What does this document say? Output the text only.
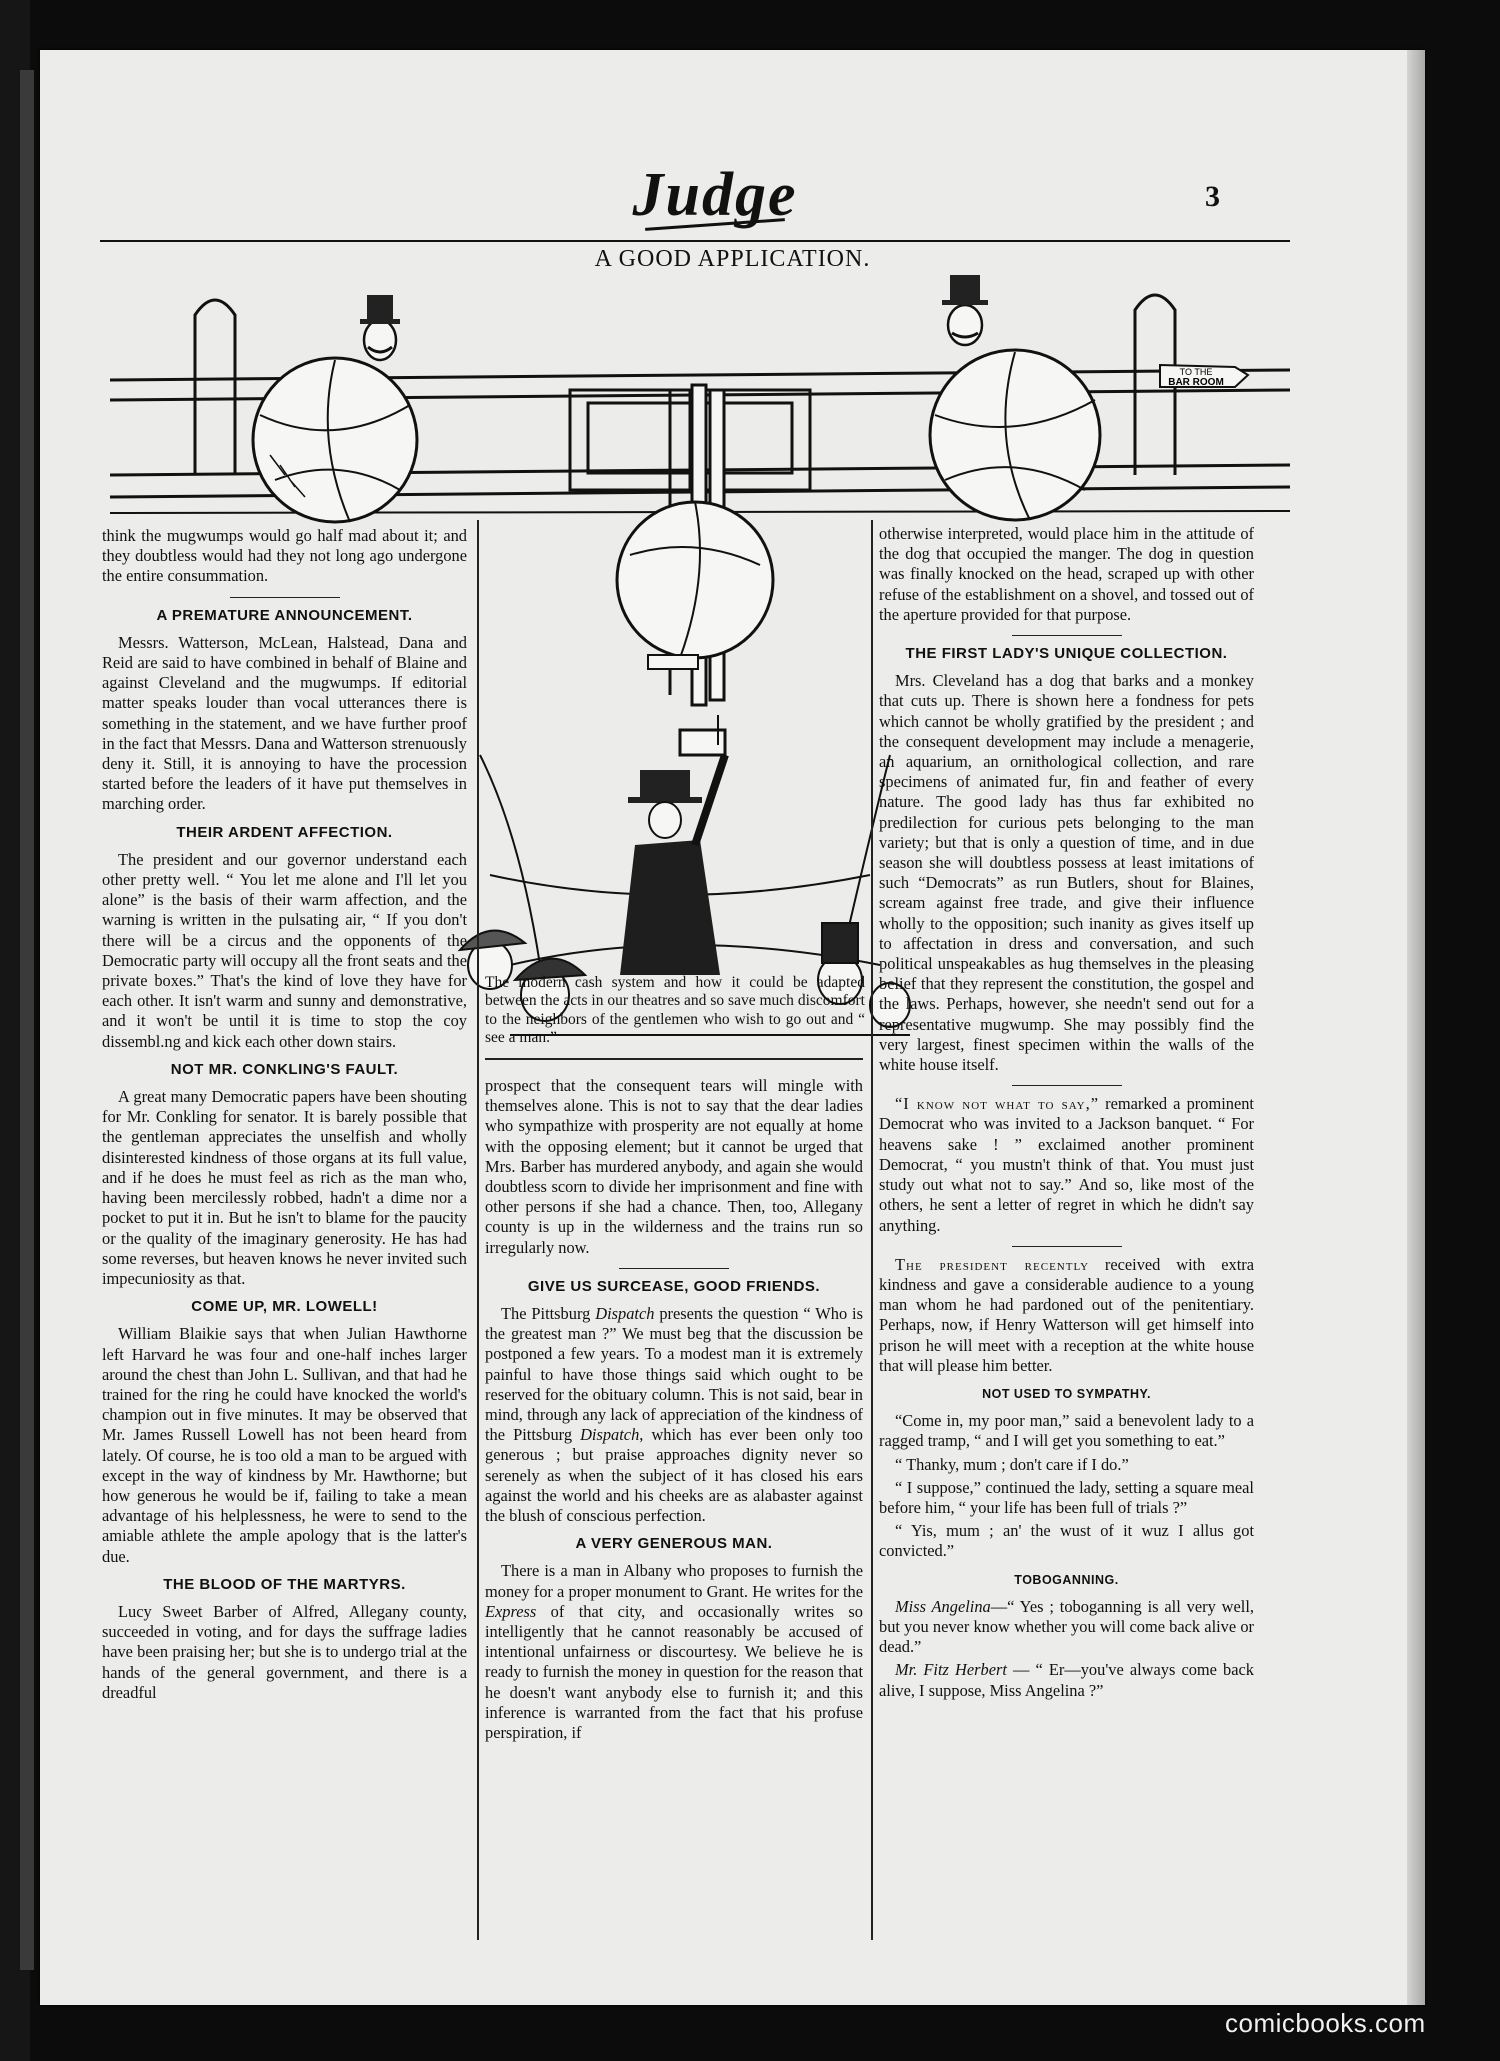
Judge	3
A GOOD APPLICATION.
TO THE
BAR ROOM
The modern cash system and how it could be adapted between the acts in our theatres and so save much discomfort to the neighbors of the gentlemen who wish to go out and “ see a man.”

think the mugwumps would go half mad about it; and they doubtless would had they not long ago undergone the entire consummation.

A PREMATURE ANNOUNCEMENT.

Messrs. Watterson, McLean, Halstead, Dana and Reid are said to have combined in behalf of Blaine and against Cleveland and the mugwumps. If editorial matter speaks louder than vocal utterances there is something in the statement, and we have further proof in the fact that Messrs. Dana and Watterson strenuously deny it. Still, it is annoying to have the procession started before the leaders of it have put themselves in marching order.

THEIR ARDENT AFFECTION.

The president and our governor understand each other pretty well. “ You let me alone and I'll let you alone” is the basis of their warm affection, and the warning is written in the pulsating air, “ If you don't there will be a circus and the opponents of the Democratic party will occupy all the front seats and the private boxes.” That's the kind of love they have for each other. It isn't warm and sunny and demonstrative, and it won't be until it is time to stop the coy dissembl.ng and kick each other down stairs.

NOT MR. CONKLING'S FAULT.

A great many Democratic papers have been shouting for Mr. Conkling for senator. It is barely possible that the gentleman appreciates the unselfish and wholly disinterested kindness of those organs at its full value, and if he does he must feel as rich as the man who, having been mercilessly robbed, hadn't a dime nor a pocket to put it in. But he isn't to blame for the paucity or the quality of the imaginary generosity. He has had some reverses, but heaven knows he never invited such impecuniosity as that.

COME UP, MR. LOWELL!

William Blaikie says that when Julian Hawthorne left Harvard he was four and one-half inches larger around the chest than John L. Sullivan, and that had he trained for the ring he could have knocked the world's champion out in five minutes. It may be observed that Mr. James Russell Lowell has not been heard from lately. Of course, he is too old a man to be argued with except in the way of kindness by Mr. Hawthorne; but how generous he would be if, failing to take a mean advantage of his helplessness, he were to send to the amiable athlete the ample apology that is the latter's due.

THE BLOOD OF THE MARTYRS.

Lucy Sweet Barber of Alfred, Allegany county, succeeded in voting, and for days the suffrage ladies have been praising her; but she is to undergo trial at the hands of the general government, and there is a dreadful

prospect that the consequent tears will mingle with themselves alone. This is not to say that the dear ladies who sympathize with prosperity are not equally at home with the opposing element; but it cannot be urged that Mrs. Barber has murdered anybody, and again she would doubtless scorn to divide her imprisonment and fine with other persons if she had a chance. Then, too, Allegany county is up in the wilderness and the trains run so irregularly now.

GIVE US SURCEASE, GOOD FRIENDS.

The Pittsburg Dispatch presents the question “ Who is the greatest man ?” We must beg that the discussion be postponed a few years. To a modest man it is extremely painful to have those things said which ought to be reserved for the obituary column. This is not said, bear in mind, through any lack of appreciation of the kindness of the Pittsburg Dispatch, which has ever been only too generous ; but praise approaches dignity never so serenely as when the subject of it has closed his ears against the world and his cheeks are as alabaster against the blush of conscious perfection.

A VERY GENEROUS MAN.

There is a man in Albany who proposes to furnish the money for a proper monument to Grant. He writes for the Express of that city, and occasionally writes so intelligently that he cannot reasonably be accused of intentional unfairness or discourtesy. We believe he is ready to furnish the money in question for the reason that he doesn't want anybody else to furnish it; and this inference is warranted from the fact that his profuse perspiration, if

otherwise interpreted, would place him in the attitude of the dog that occupied the manger. The dog in question was finally knocked on the head, scraped up with other refuse of the establishment on a shovel, and tossed out of the aperture provided for that purpose.

THE FIRST LADY'S UNIQUE COLLECTION.

Mrs. Cleveland has a dog that barks and a monkey that cuts up. There is shown here a fondness for pets which cannot be wholly gratified by the president ; and the consequent development may include a menagerie, an aquarium, an ornithological collection, and rare specimens of animated fur, fin and feather of every nature. The good lady has thus far exhibited no predilection for curious pets belonging to the man variety; but that is only a question of time, and in due season she will doubtless possess at least imitations of such “Democrats” as run Butlers, shout for Blaines, scream against free trade, and give their influence wholly to the opposition; such inanity as gives itself up to affectation in dress and conversation, and such political unspeakables as hug themselves in the pleasing belief that they represent the constitution, the gospel and the laws. Perhaps, however, she needn't send out for a representative mugwump. She may possibly find the very largest, finest specimen within the walls of the white house itself.

“I know not what to say,” remarked a prominent Democrat who was invited to a Jackson banquet. “ For heavens sake ! ” exclaimed another prominent Democrat, “ you mustn't think of that. You must just study out what not to say.” And so, like most of the others, he sent a letter of regret in which he didn't say anything.

The president recently received with extra kindness and gave a considerable audience to a young man whom he had pardoned out of the penitentiary. Perhaps, now, if Henry Watterson will get himself into prison he will meet with a reception at the white house that will please him better.

NOT USED TO SYMPATHY.

“Come in, my poor man,” said a benevolent lady to a ragged tramp, “ and I will get you something to eat.”

“ Thanky, mum ; don't care if I do.”

“ I suppose,” continued the lady, setting a square meal before him, “ your life has been full of trials ?”

“ Yis, mum ; an' the wust of it wuz I allus got convicted.”

TOBOGANNING.

Miss Angelina—“ Yes ; toboganning is all very well, but you never know whether you will come back alive or dead.”

Mr. Fitz Herbert — “ Er—you've always come back alive, I suppose, Miss Angelina ?”

comicbooks.com
